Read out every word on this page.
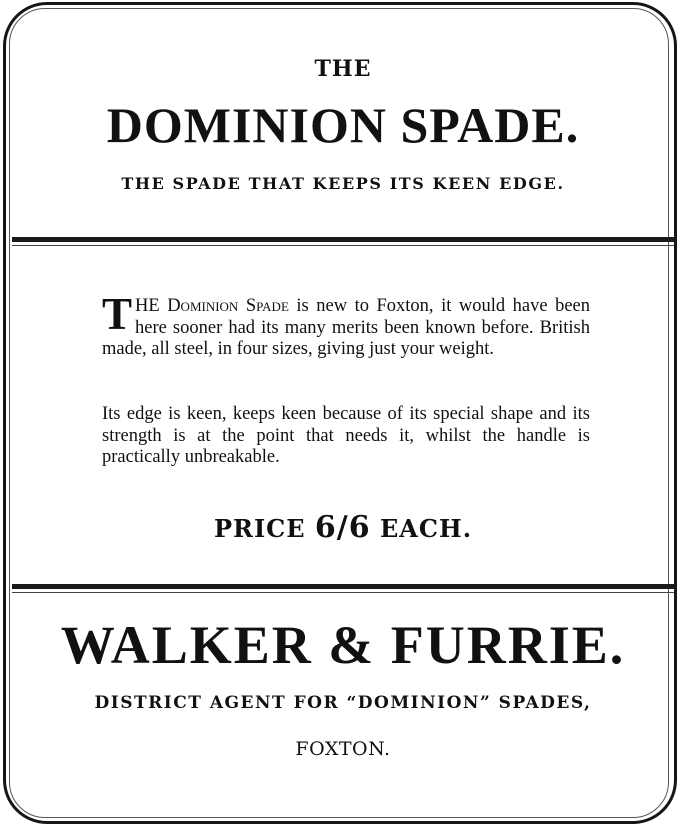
THE
DOMINION SPADE.
THE SPADE THAT KEEPS ITS KEEN EDGE.
THE Dominion Spade is new to Foxton, it would have been here sooner had its many merits been known before. British made, all steel, in four sizes, giving just your weight.
Its edge is keen, keeps keen because of its special shape and its strength is at the point that needs it, whilst the handle is practically unbreakable.
PRICE 6/6 EACH.
WALKER & FURRIE.
DISTRICT AGENT FOR “DOMINION” SPADES,
FOXTON.
